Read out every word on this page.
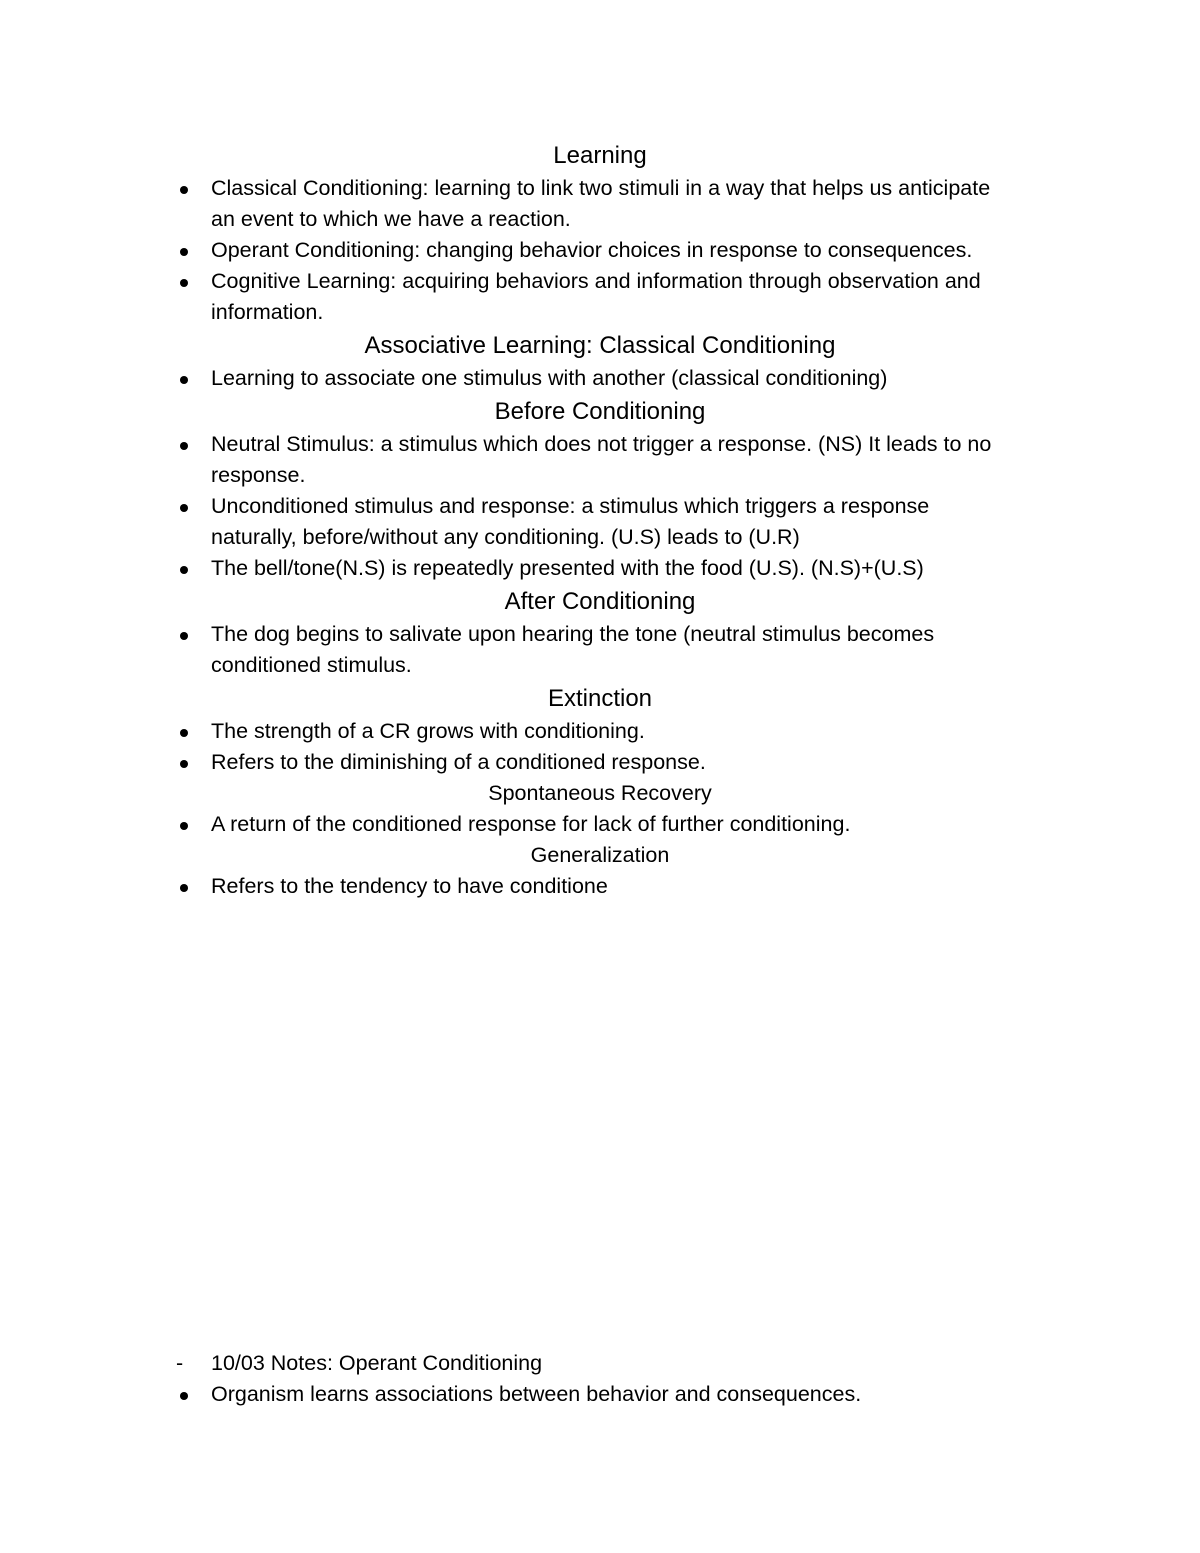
Learning
Classical Conditioning: learning to link two stimuli in a way that helps us anticipate an event to which we have a reaction.
Operant Conditioning: changing behavior choices in response to consequences.
Cognitive Learning: acquiring behaviors and information through observation and information.
Associative Learning: Classical Conditioning
Learning to associate one stimulus with another (classical conditioning)
Before Conditioning
Neutral Stimulus: a stimulus which does not trigger a response. (NS) It leads to no response.
Unconditioned stimulus and response: a stimulus which triggers a response naturally, before/without any conditioning. (U.S) leads to (U.R)
The bell/tone(N.S) is repeatedly presented with the food (U.S). (N.S)+(U.S)
After Conditioning
The dog begins to salivate upon hearing the tone (neutral stimulus becomes conditioned stimulus.
Extinction
The strength of a CR grows with conditioning.
Refers to the diminishing of a conditioned response.
Spontaneous Recovery
A return of the conditioned response for lack of further conditioning.
Generalization
Refers to the tendency to have conditione
- 10/03 Notes: Operant Conditioning
Organism learns associations between behavior and consequences.
